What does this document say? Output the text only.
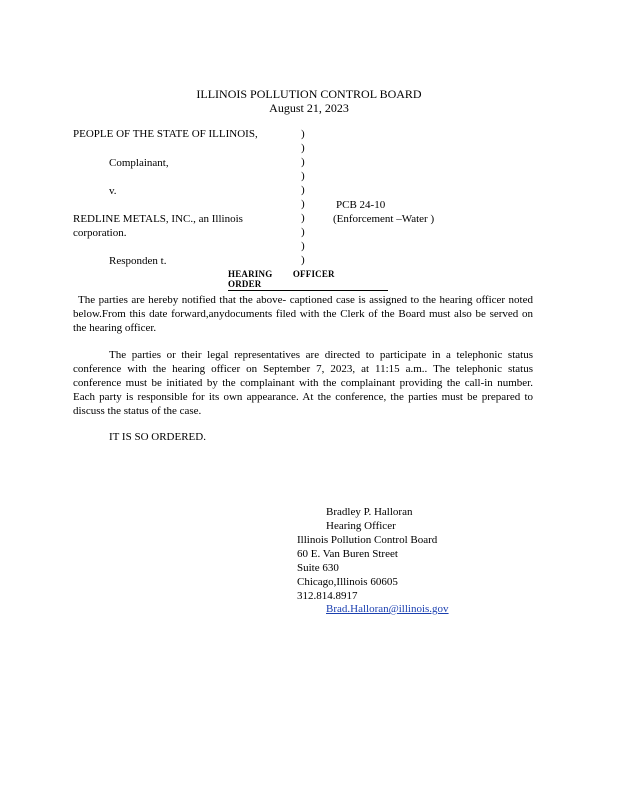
ILLINOIS POLLUTION CONTROL BOARD
August 21, 2023
PEOPLE OF THE STATE OF ILLINOIS,
Complainant,
v.
REDLINE METALS, INC., an Illinois
corporation.
Responden t.
)
)
)
)
)
)
)
)
)
)
PCB 24-10
(Enforcement –Water )
HEARING OFFICER ORDER
The parties are hereby notified that the above- captioned case is assigned to the hearing officer noted below.From this date forward,anydocuments filed with the Clerk of the Board must also be served on the hearing officer.
The parties or their legal representatives are directed to participate in a telephonic status conference with the hearing officer on September 7, 2023, at 11:15 a.m.. The telephonic status conference must be initiated by the complainant with the complainant providing the call-in number. Each party is responsible for its own appearance. At the conference, the parties must be prepared to discuss the status of the case.
IT IS SO ORDERED.
Bradley P. Halloran
Hearing Officer
Illinois Pollution Control Board
60 E. Van Buren Street
Suite 630
Chicago,Illinois 60605
312.814.8917
Brad.Halloran@illinois.gov
